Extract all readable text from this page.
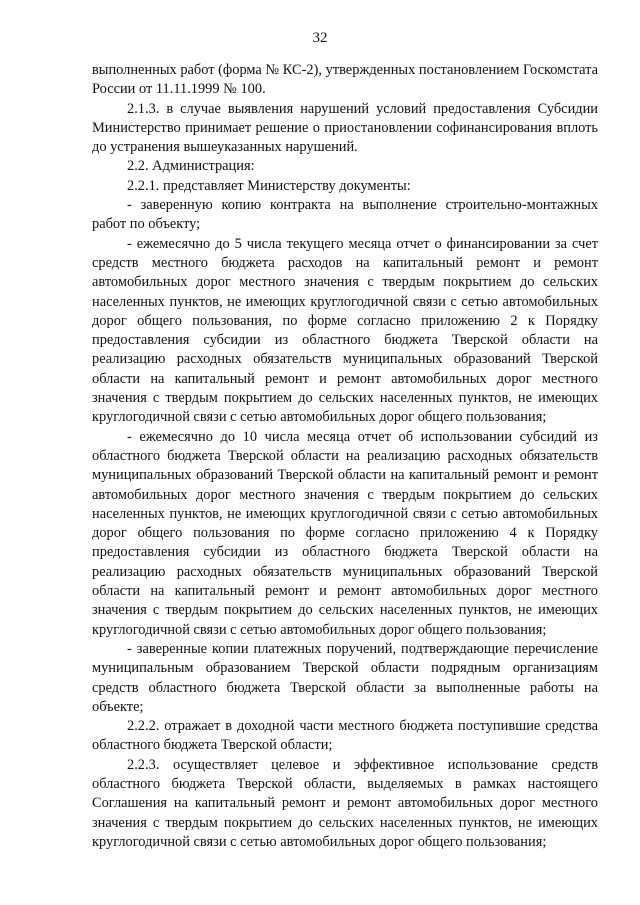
32

выполненных работ (форма № КС-2), утвержденных постановлением Госкомстата России от 11.11.1999 № 100.

2.1.3. в случае выявления нарушений условий предоставления Субсидии Министерство принимает решение о приостановлении софинансирования вплоть до устранения вышеуказанных нарушений.

2.2. Администрация:

2.2.1. представляет Министерству документы:

- заверенную копию контракта на выполнение строительно-монтажных работ по объекту;

- ежемесячно до 5 числа текущего месяца отчет о финансировании за счет средств местного бюджета расходов на капитальный ремонт и ремонт автомобильных дорог местного значения с твердым покрытием до сельских населенных пунктов, не имеющих круглогодичной связи с сетью автомобильных дорог общего пользования, по форме согласно приложению 2 к Порядку предоставления субсидии из областного бюджета Тверской области на реализацию расходных обязательств муниципальных образований Тверской области на капитальный ремонт и ремонт автомобильных дорог местного значения с твердым покрытием до сельских населенных пунктов, не имеющих круглогодичной связи с сетью автомобильных дорог общего пользования;

- ежемесячно до 10 числа месяца отчет об использовании субсидий из областного бюджета Тверской области на реализацию расходных обязательств муниципальных образований Тверской области на капитальный ремонт и ремонт автомобильных дорог местного значения с твердым покрытием до сельских населенных пунктов, не имеющих круглогодичной связи с сетью автомобильных дорог общего пользования по форме согласно приложению 4 к Порядку предоставления субсидии из областного бюджета Тверской области на реализацию расходных обязательств муниципальных образований Тверской области на капитальный ремонт и ремонт автомобильных дорог местного значения с твердым покрытием до сельских населенных пунктов, не имеющих круглогодичной связи с сетью автомобильных дорог общего пользования;

- заверенные копии платежных поручений, подтверждающие перечисление муниципальным образованием Тверской области подрядным организациям средств областного бюджета Тверской области за выполненные работы на объекте;

2.2.2. отражает в доходной части местного бюджета поступившие средства областного бюджета Тверской области;

2.2.3. осуществляет целевое и эффективное использование средств областного бюджета Тверской области, выделяемых в рамках настоящего Соглашения на капитальный ремонт и ремонт автомобильных дорог местного значения с твердым покрытием до сельских населенных пунктов, не имеющих круглогодичной связи с сетью автомобильных дорог общего пользования;
